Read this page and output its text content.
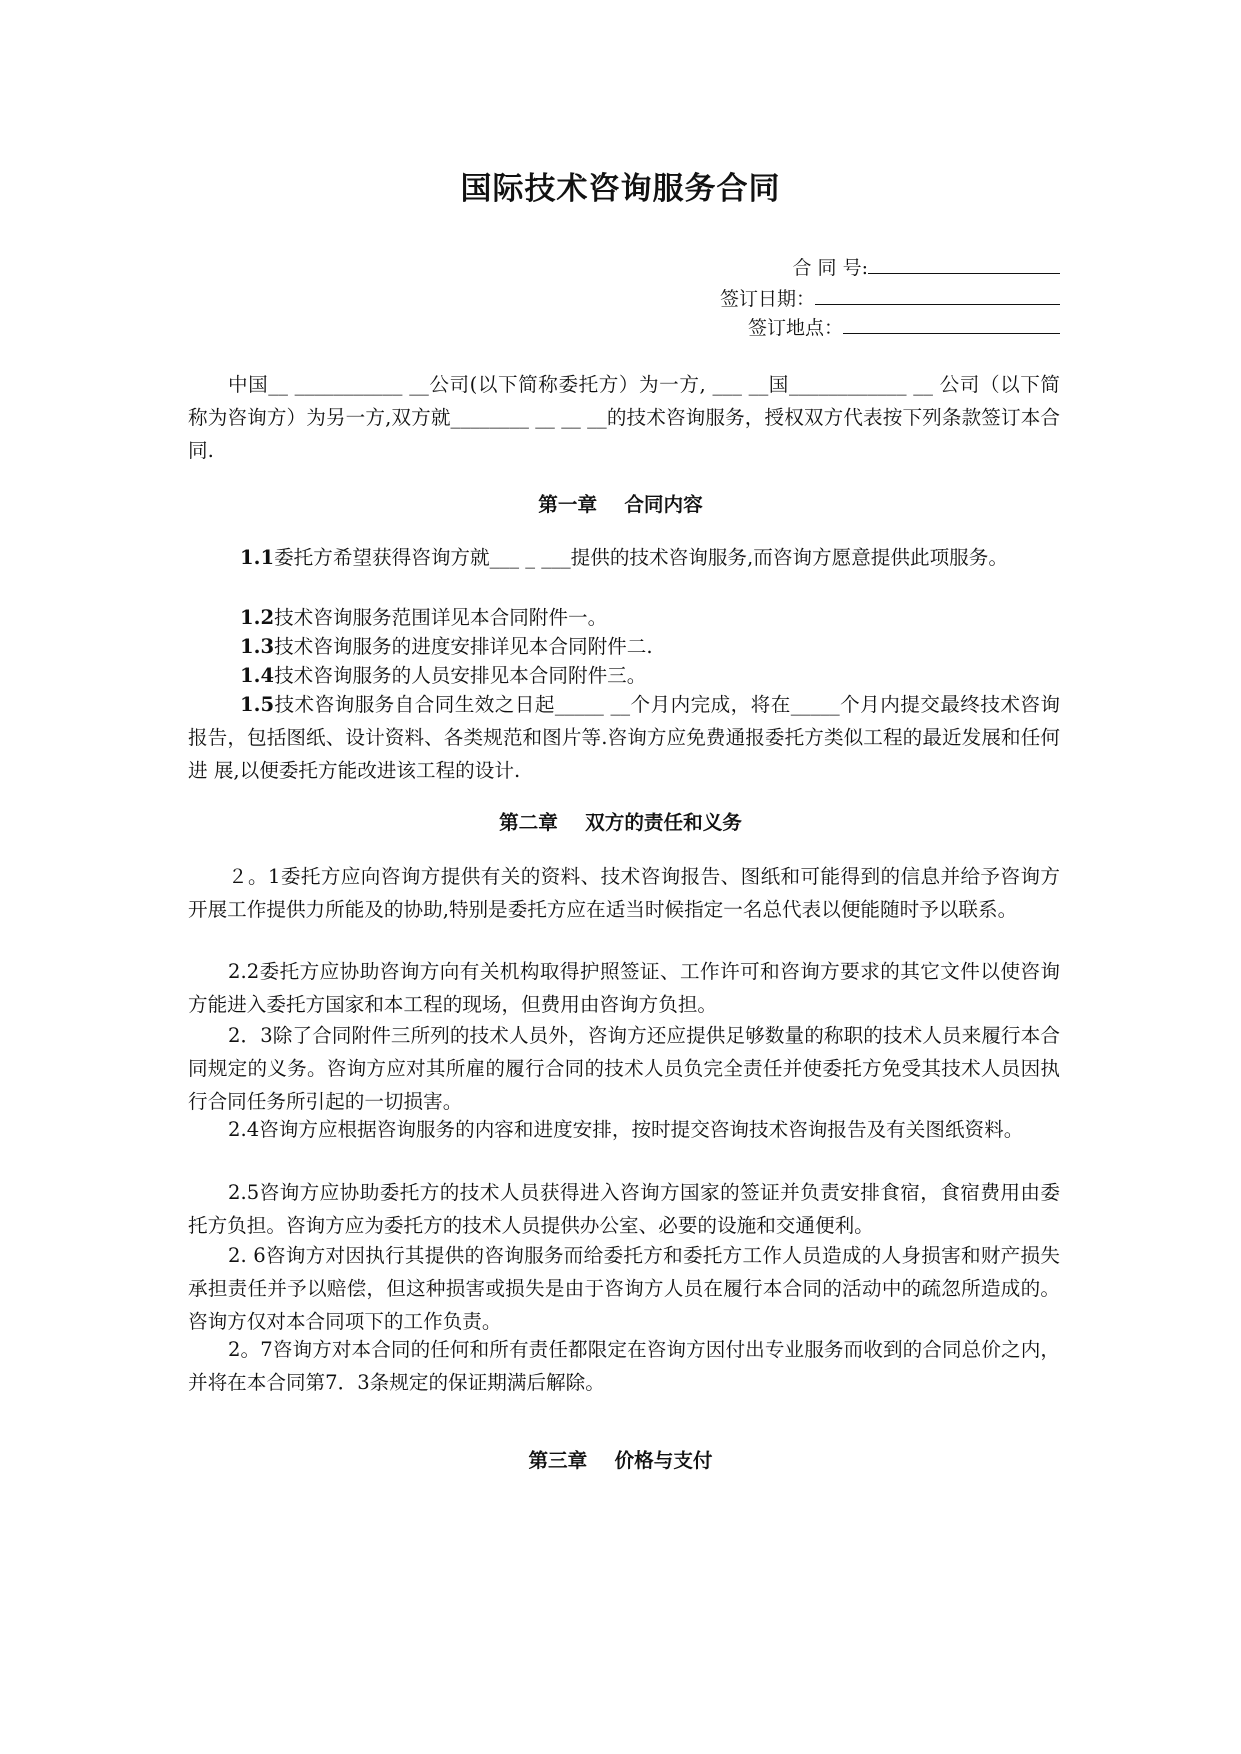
国际技术咨询服务合同
合 同 号:
签订日期：
签订地点：
中国__ ___________ __公司(以下简称委托方）为一方, ___ __国____________ __ 公司（以下简称为咨询方）为另一方,双方就________ __ __ __的技术咨询服务，授权双方代表按下列条款签订本合同.
第一章    合同内容
1.1委托方希望获得咨询方就___ _ ___提供的技术咨询服务,而咨询方愿意提供此项服务。
1.2技术咨询服务范围详见本合同附件一。
1.3技术咨询服务的进度安排详见本合同附件二.
1.4技术咨询服务的人员安排见本合同附件三。
1.5技术咨询服务自合同生效之日起_____ __个月内完成，将在_____个月内提交最终技术咨询报告，包括图纸、设计资料、各类规范和图片等.咨询方应免费通报委托方类似工程的最近发展和任何进 展,以便委托方能改进该工程的设计.
第二章    双方的责任和义务
２。1委托方应向咨询方提供有关的资料、技术咨询报告、图纸和可能得到的信息并给予咨询方开展工作提供力所能及的协助,特别是委托方应在适当时候指定一名总代表以便能随时予以联系。
2.2委托方应协助咨询方向有关机构取得护照签证、工作许可和咨询方要求的其它文件以使咨询方能进入委托方国家和本工程的现场，但费用由咨询方负担。
2．3除了合同附件三所列的技术人员外，咨询方还应提供足够数量的称职的技术人员来履行本合同规定的义务。咨询方应对其所雇的履行合同的技术人员负完全责任并使委托方免受其技术人员因执行合同任务所引起的一切损害。
2.4咨询方应根据咨询服务的内容和进度安排，按时提交咨询技术咨询报告及有关图纸资料。
2.5咨询方应协助委托方的技术人员获得进入咨询方国家的签证并负责安排食宿，食宿费用由委托方负担。咨询方应为委托方的技术人员提供办公室、必要的设施和交通便利。
2. 6咨询方对因执行其提供的咨询服务而给委托方和委托方工作人员造成的人身损害和财产损失承担责任并予以赔偿，但这种损害或损失是由于咨询方人员在履行本合同的活动中的疏忽所造成的。咨询方仅对本合同项下的工作负责。
2。7咨询方对本合同的任何和所有责任都限定在咨询方因付出专业服务而收到的合同总价之内，并将在本合同第7．3条规定的保证期满后解除。
第三章    价格与支付
